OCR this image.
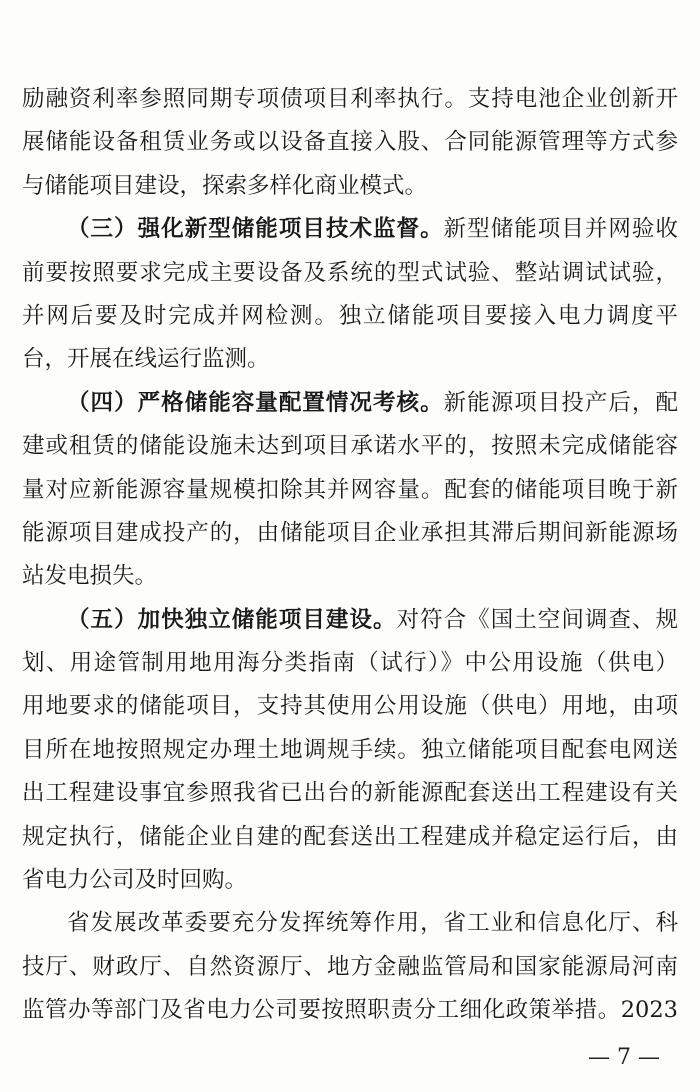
励融资利率参照同期专项债项目利率执行。支持电池企业创新开
展储能设备租赁业务或以设备直接入股、合同能源管理等方式参
与储能项目建设，探索多样化商业模式。
（三）强化新型储能项目技术监督。新型储能项目并网验收
前要按照要求完成主要设备及系统的型式试验、整站调试试验，
并网后要及时完成并网检测。独立储能项目要接入电力调度平
台，开展在线运行监测。
（四）严格储能容量配置情况考核。新能源项目投产后，配
建或租赁的储能设施未达到项目承诺水平的，按照未完成储能容
量对应新能源容量规模扣除其并网容量。配套的储能项目晚于新
能源项目建成投产的，由储能项目企业承担其滞后期间新能源场
站发电损失。
（五）加快独立储能项目建设。对符合《国土空间调查、规
划、用途管制用地用海分类指南（试行）》中公用设施（供电）
用地要求的储能项目，支持其使用公用设施（供电）用地，由项
目所在地按照规定办理土地调规手续。独立储能项目配套电网送
出工程建设事宜参照我省已出台的新能源配套送出工程建设有关
规定执行，储能企业自建的配套送出工程建成并稳定运行后，由
省电力公司及时回购。
省发展改革委要充分发挥统筹作用，省工业和信息化厅、科
技厅、财政厅、自然资源厅、地方金融监管局和国家能源局河南
监管办等部门及省电力公司要按照职责分工细化政策举措。2023
— 7 —
